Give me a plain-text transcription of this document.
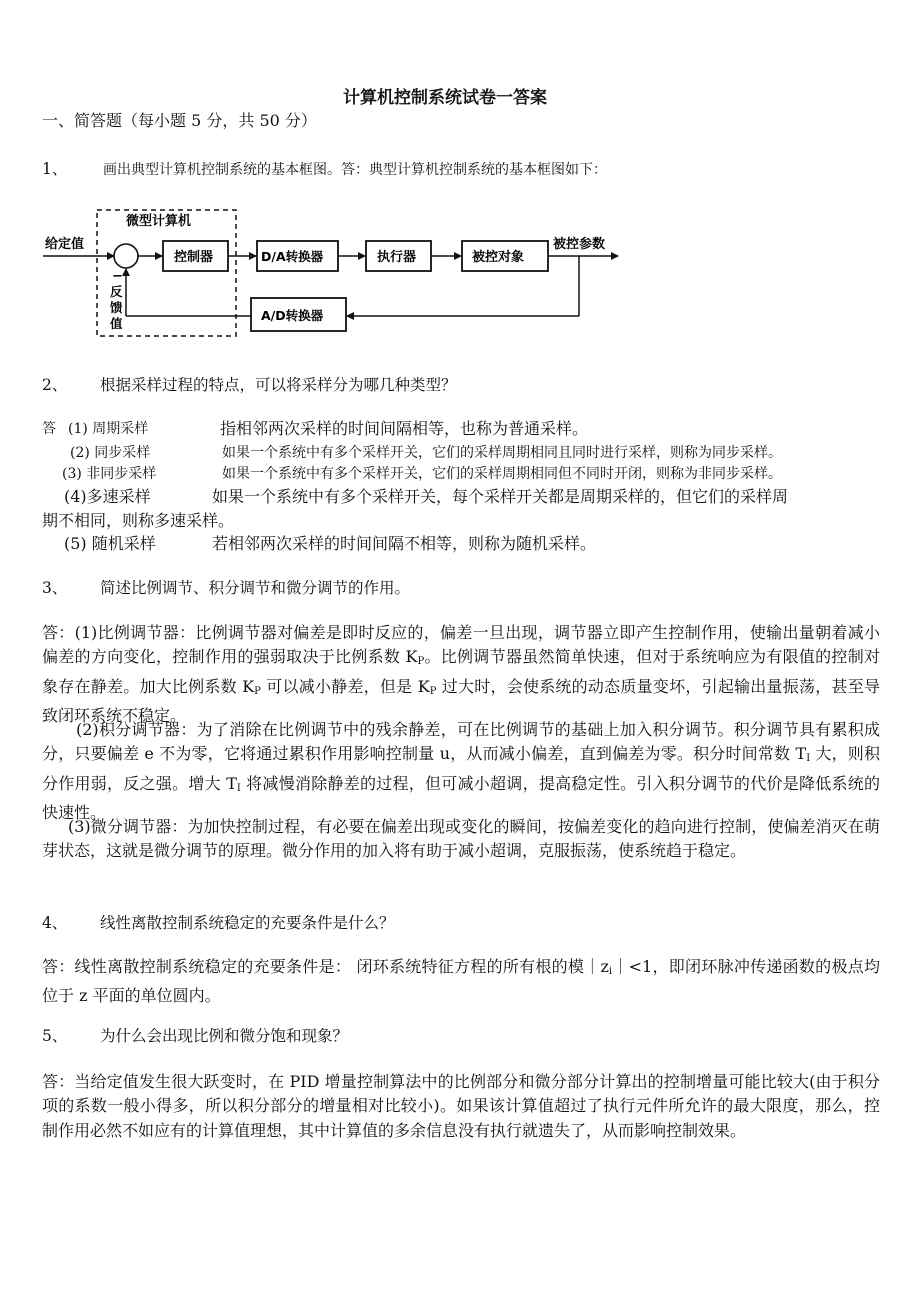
计算机控制系统试卷一答案
一、简答题（每小题 5 分，共 50 分）
1、	画出典型计算机控制系统的基本框图。答：典型计算机控制系统的基本框图如下：
微型计算机
给定值
控制器	D/A转换器	执行器	被控对象
被控参数
A/D转换器
−
反
馈
值
2、 根据采样过程的特点，可以将采样分为哪几种类型？
答 (1) 周期采样	指相邻两次采样的时间间隔相等，也称为普通采样。
(2) 同步采样	如果一个系统中有多个采样开关，它们的采样周期相同且同时进行采样，则称为同步采样。
(3) 非同步采样	如果一个系统中有多个采样开关，它们的采样周期相同但不同时开闭，则称为非同步采样。
(4)多速采样	如果一个系统中有多个采样开关，每个采样开关都是周期采样的，但它们的采样周
期不相同，则称多速采样。
(5) 随机采样	若相邻两次采样的时间间隔不相等，则称为随机采样。
3、 简述比例调节、积分调节和微分调节的作用。
答：(1)比例调节器：比例调节器对偏差是即时反应的，偏差一旦出现，调节器立即产生控制作用，使输出量朝着减小偏差的方向变化，控制作用的强弱取决于比例系数 $K_P$。比例调节器虽然简单快速，但对于系统响应为有限值的控制对象存在静差。加大比例系数 $K_P$ 可以减小静差，但是 $K_P$ 过大时，会使系统的动态质量变坏，引起输出量振荡，甚至导致闭环系统不稳定。
(2)积分调节器：为了消除在比例调节中的残余静差，可在比例调节的基础上加入积分调节。积分调节具有累积成分，只要偏差 e 不为零，它将通过累积作用影响控制量 u，从而减小偏差，直到偏差为零。积分时间常数 $T_I$ 大，则积分作用弱，反之强。增大 $T_I$ 将减慢消除静差的过程，但可减小超调，提高稳定性。引入积分调节的代价是降低系统的快速性。
(3)微分调节器：为加快控制过程，有必要在偏差出现或变化的瞬间，按偏差变化的趋向进行控制，使偏差消灭在萌芽状态，这就是微分调节的原理。微分作用的加入将有助于减小超调，克服振荡，使系统趋于稳定。
4、 线性离散控制系统稳定的充要条件是什么？
答：线性离散控制系统稳定的充要条件是： 闭环系统特征方程的所有根的模$|z_i|<1$，即闭环脉冲传递函数的极点均位于 z 平面的单位圆内。
5、 为什么会出现比例和微分饱和现象？
答：当给定值发生很大跃变时，在 PID 增量控制算法中的比例部分和微分部分计算出的控制增量可能比较大(由于积分项的系数一般小得多，所以积分部分的增量相对比较小)。如果该计算值超过了执行元件所允许的最大限度，那么，控制作用必然不如应有的计算值理想，其中计算值的多余信息没有执行就遗失了，从而影响控制效果。
